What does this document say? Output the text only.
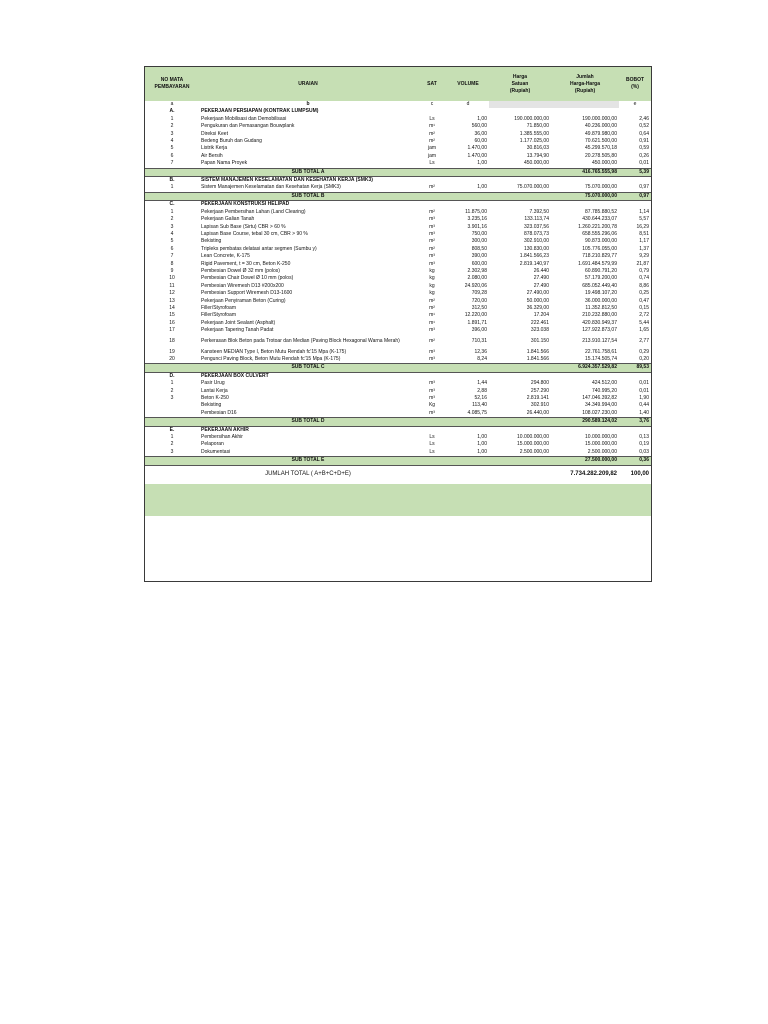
NO MATA
PEMBAYARAN	URAIAN	SAT	VOLUME	Harga
Satuan
(Rupiah)	Jumlah
Harga-Harga
(Rupiah)	BOBOT
(%)
a	b	c	d			e
A.	PEKERJAAN PERSIAPAN (KONTRAK LUMPSUM)					
1	Pekerjaan Mobilisasi dan Demobilisasi	Ls	1,00	190.000.000,00	190.000.000,00	2,46
2	Pengukuran dan Pemasangan Bouwplank	m¹	560,00	71.850,00	40.236.000,00	0,52
3	Direksi Keet	m²	36,00	1.385.555,00	49.879.980,00	0,64
4	Bedeng Buruh dan Gudang	m²	60,00	1.177.025,00	70.621.500,00	0,91
5	Listrik Kerja	jam	1.470,00	30.816,03	45.299.570,18	0,59
6	Air Bersih	jam	1.470,00	13.794,90	20.278.505,80	0,26
7	Papan Nama Proyek	Ls	1,00	450.000,00	450.000,00	0,01
	SUB TOTAL A				416.765.555,98	5,39
B.	SISTEM MANAJEMEN KESELAMATAN DAN KESEHATAN KERJA (SMK3)					
1	Sistem Manajemen Keselamatan dan Kesehatan Kerja (SMK3)	m²	1,00	75.070.000,00	75.070.000,00	0,97
	SUB TOTAL B				75.070.000,00	0,97
C.	PEKERJAAN KONSTRUKSI HELIPAD					
1	Pekerjaan Pembersihan Lahan (Land Clearing)	m²	11.875,00	7.392,50	87.785.880,52	1,14
2	Pekerjaan Galian Tanah	m³	3.235,16	133.113,74	430.644.233,07	5,57
3	Lapisan Sub Base (Sirtu) CBR > 60 %	m³	3.901,16	323.037,56	1.260.221.200,78	16,29
4	Lapisan Base Course, tebal 30 cm, CBR > 90 %	m³	750,00	878.073,73	658.555.296,06	8,51
5	Bekisting	m²	300,00	302.910,00	90.873.000,00	1,17
6	Tripleks pembatas delatasi antar segmen (Sumbu y)	m²	808,50	130.830,00	105.776.055,00	1,37
7	Lean Concrete, K-175	m³	390,00	1.841.566,23	718.210.829,77	9,29
8	Rigid Pavement, t = 30 cm, Beton K-250	m³	600,00	2.819.140,97	1.691.484.579,99	21,87
9	Pembesian Dowel Ø 32 mm (polos)	kg	2.302,98	26.440	60.890.791,20	0,79
10	Pembesian Chair Dowel Ø 10 mm (polos)	kg	2.080,00	27.490	57.179.200,00	0,74
11	Pembesian Wiremesh D13 #200x200	kg	24.920,06	27.490	685.052.449,40	8,86
12	Pembesian Support Wiremesh D13-1600	kg	709,28	27.490,00	19.498.107,20	0,25
13	Pekerjaan Penyiraman Beton (Curing)	m²	720,00	50.000,00	36.000.000,00	0,47
14	Filler/Styrofoam	m²	312,50	36.329,00	11.352.812,50	0,15
15	Filler/Styrofoam	m¹	12.220,00	17.204	210.232.880,00	2,72
16	Pekerjaan Joint Sealant (Asphalt)	m¹	1.891,71	222.461	420.830.949,37	5,44
17	Pekerjaan Tapering Tanah Padat	m³	396,00	323.038	127.922.873,07	1,65
18	Perkerasan Blok Beton pada Trotoar dan Median (Paving Block Hexagonal Warna Merah)	m²	710,31	301.150	213.910.127,54	2,77
19	Kansteen MEDIAN Type I, Beton Mutu Rendah fc'15 Mpa (K-175)	m³	12,36	1.841.566	22.761.758,61	0,29
20	Pengunci Paving Block, Beton Mutu Rendah fc'15 Mpa (K-175)	m³	8,24	1.841.566	15.174.505,74	0,20
	SUB TOTAL C				6.924.357.529,82	89,53
D.	PEKERJAAN BOX CULVERT					
1	Pasir Urug	m³	1,44	294.800	424.512,00	0,01
2	Lantai Kerja	m³	2,88	257.290	740.995,20	0,01
3	Beton K-250	m³	52,16	2.819.141	147.046.392,82	1,90
	Bekisting	Kg	113,40	302.910	34.349.994,00	0,44
	Pembesian D16	m³	4.085,75	26.440,00	108.027.230,00	1,40
	SUB TOTAL D				290.589.124,02	3,76
E.	PEKERJAAN AKHIR					
1	Pembersihan Akhir	Ls	1,00	10.000.000,00	10.000.000,00	0,13
2	Pelaporan	Ls	1,00	15.000.000,00	15.000.000,00	0,19
3	Dokumentasi	Ls	1,00	2.500.000,00	2.500.000,00	0,03
	SUB TOTAL E				27.500.000,00	0,36
	JUMLAH TOTAL ( A+B+C+D+E)				7.734.282.209,82	100,00
